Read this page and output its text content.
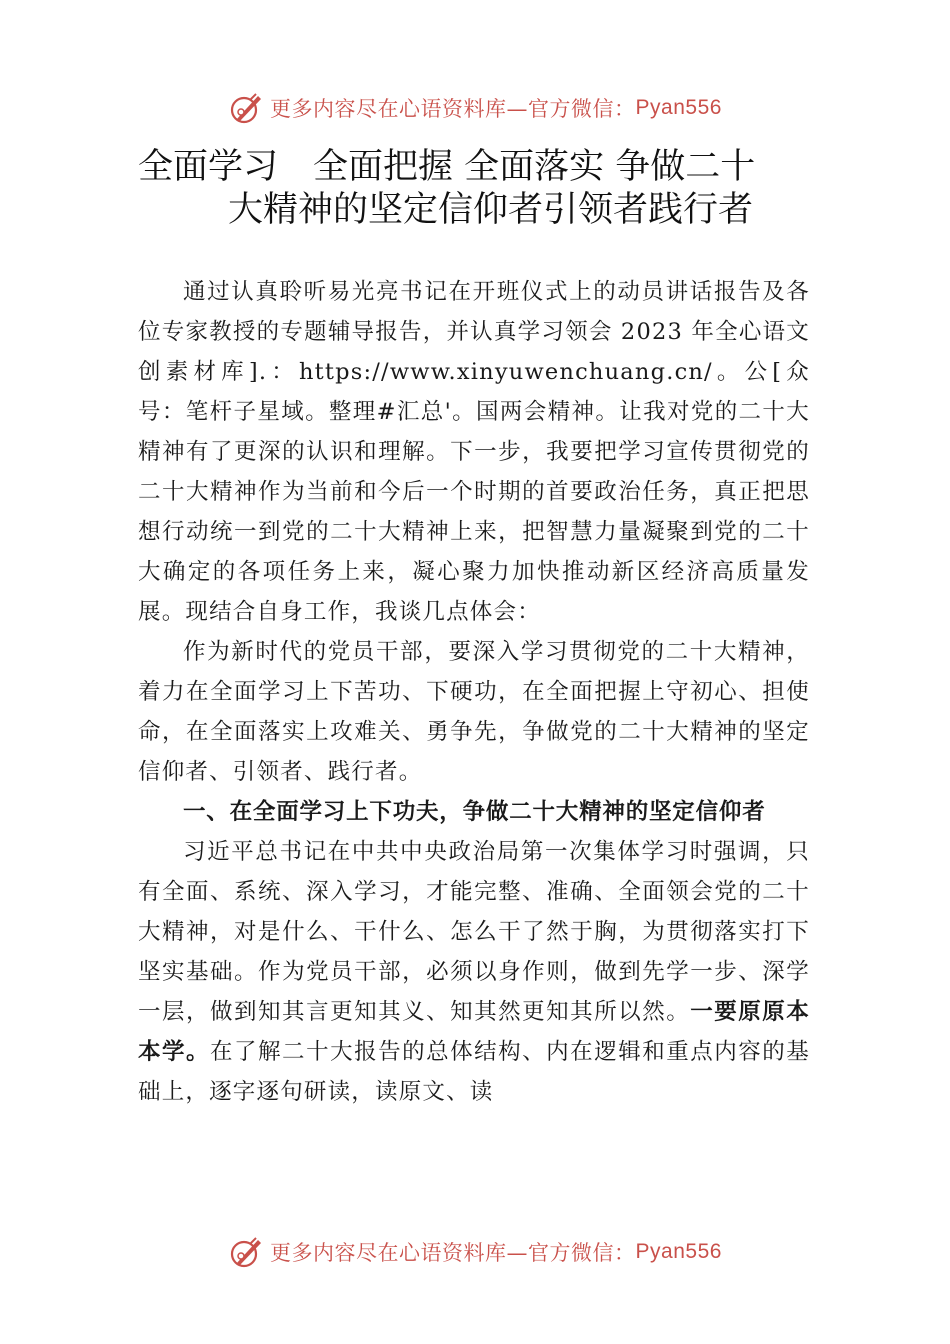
更多内容尽在心语资料库—官方微信： Pyan556
全面学习　全面把握 全面落实 争做二十
大精神的坚定信仰者引领者践行者

通过认真聆听易光亮书记在开班仪式上的动员讲话报告及各位专家教授的专题辅导报告，并认真学习领会 2023 年全心语文创素材库].：https://www.xinyuwenchuang.cn/。公[众号：笔杆子星域。整理#汇总'。国两会精神。让我对党的二十大精神有了更深的认识和理解。下一步，我要把学习宣传贯彻党的二十大精神作为当前和今后一个时期的首要政治任务，真正把思想行动统一到党的二十大精神上来，把智慧力量凝聚到党的二十大确定的各项任务上来，凝心聚力加快推动新区经济高质量发展。现结合自身工作，我谈几点体会：

作为新时代的党员干部，要深入学习贯彻党的二十大精神，着力在全面学习上下苦功、下硬功，在全面把握上守初心、担使命，在全面落实上攻难关、勇争先，争做党的二十大精神的坚定信仰者、引领者、践行者。

一、在全面学习上下功夫，争做二十大精神的坚定信仰者

习近平总书记在中共中央政治局第一次集体学习时强调，只有全面、系统、深入学习，才能完整、准确、全面领会党的二十大精神，对是什么、干什么、怎么干了然于胸，为贯彻落实打下坚实基础。作为党员干部，必须以身作则，做到先学一步、深学一层，做到知其言更知其义、知其然更知其所以然。一要原原本本学。在了解二十大报告的总体结构、内在逻辑和重点内容的基础上，逐字逐句研读，读原文、读

更多内容尽在心语资料库—官方微信： Pyan556
